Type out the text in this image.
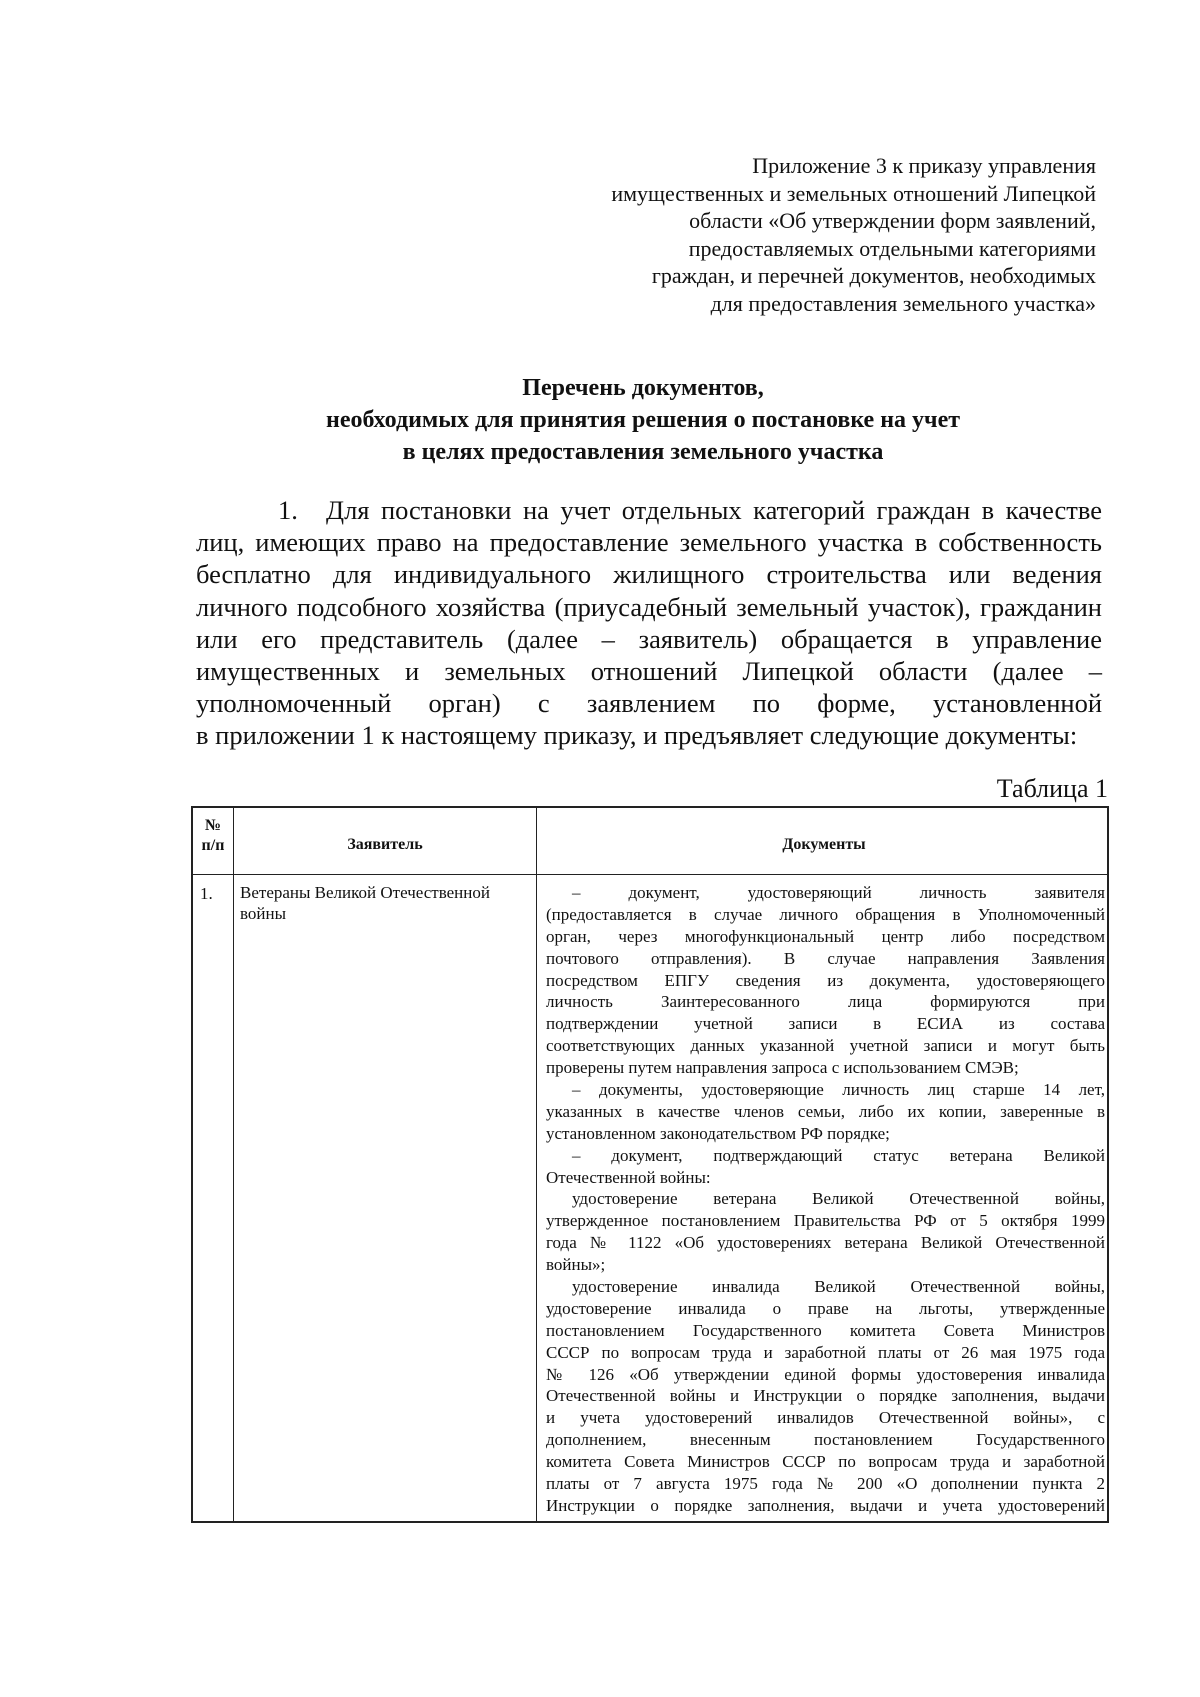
Приложение 3 к приказу управления
имущественных и земельных отношений Липецкой
области «Об утверждении форм заявлений,
предоставляемых отдельными категориями
граждан, и перечней документов, необходимых
для предоставления земельного участка»
Перечень документов,
необходимых для принятия решения о постановке на учет
в целях предоставления земельного участка
1. Для постановки на учет отдельных категорий граждан в качестве
лиц, имеющих право на предоставление земельного участка в собственность
бесплатно для индивидуального жилищного строительства или ведения
личного подсобного хозяйства (приусадебный земельный участок), гражданин
или его представитель (далее – заявитель) обращается в управление
имущественных и земельных отношений Липецкой области (далее –
уполномоченный орган) с заявлением по форме, установленной
в приложении 1 к настоящему приказу, и предъявляет следующие документы:
Таблица 1
№
п/п	Заявитель	Документы
1. Ветераны Великой Отечественной
войны
– документ, удостоверяющий личность заявителя
(предоставляется в случае личного обращения в Уполномоченный
орган, через многофункциональный центр либо посредством
почтового отправления). В случае направления Заявления
посредством ЕПГУ сведения из документа, удостоверяющего
личность Заинтересованного лица формируются при
подтверждении учетной записи в ЕСИА из состава
соответствующих данных указанной учетной записи и могут быть
проверены путем направления запроса с использованием СМЭВ;
– документы, удостоверяющие личность лиц старше 14 лет,
указанных в качестве членов семьи, либо их копии, заверенные в
установленном законодательством РФ порядке;
– документ, подтверждающий статус ветерана Великой
Отечественной войны:
удостоверение ветерана Великой Отечественной войны,
утвержденное постановлением Правительства РФ от 5 октября 1999
года № 1122 «Об удостоверениях ветерана Великой Отечественной
войны»;
удостоверение инвалида Великой Отечественной войны,
удостоверение инвалида о праве на льготы, утвержденные
постановлением Государственного комитета Совета Министров
СССР по вопросам труда и заработной платы от 26 мая 1975 года
№ 126 «Об утверждении единой формы удостоверения инвалида
Отечественной войны и Инструкции о порядке заполнения, выдачи
и учета удостоверений инвалидов Отечественной войны», с
дополнением, внесенным постановлением Государственного
комитета Совета Министров СССР по вопросам труда и заработной
платы от 7 августа 1975 года № 200 «О дополнении пункта 2
Инструкции о порядке заполнения, выдачи и учета удостоверений
